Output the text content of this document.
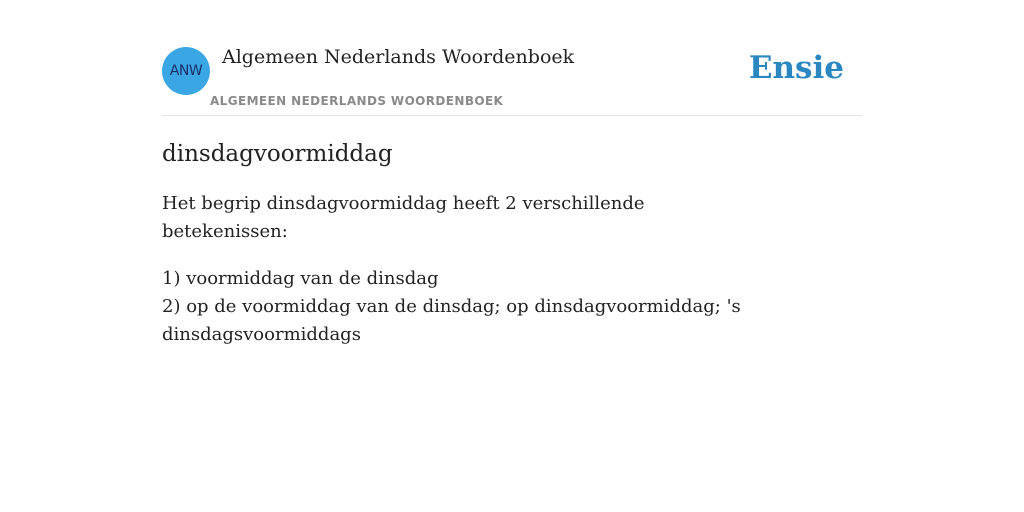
ANW
Algemeen Nederlands Woordenboek
ALGEMEEN NEDERLANDS WOORDENBOEK
Ensie
dinsdagvoormiddag

Het begrip dinsdagvoormiddag heeft 2 verschillende betekenissen:

1) voormiddag van de dinsdag
2) op de voormiddag van de dinsdag; op dinsdagvoormiddag; 's dinsdagsvoormiddags
